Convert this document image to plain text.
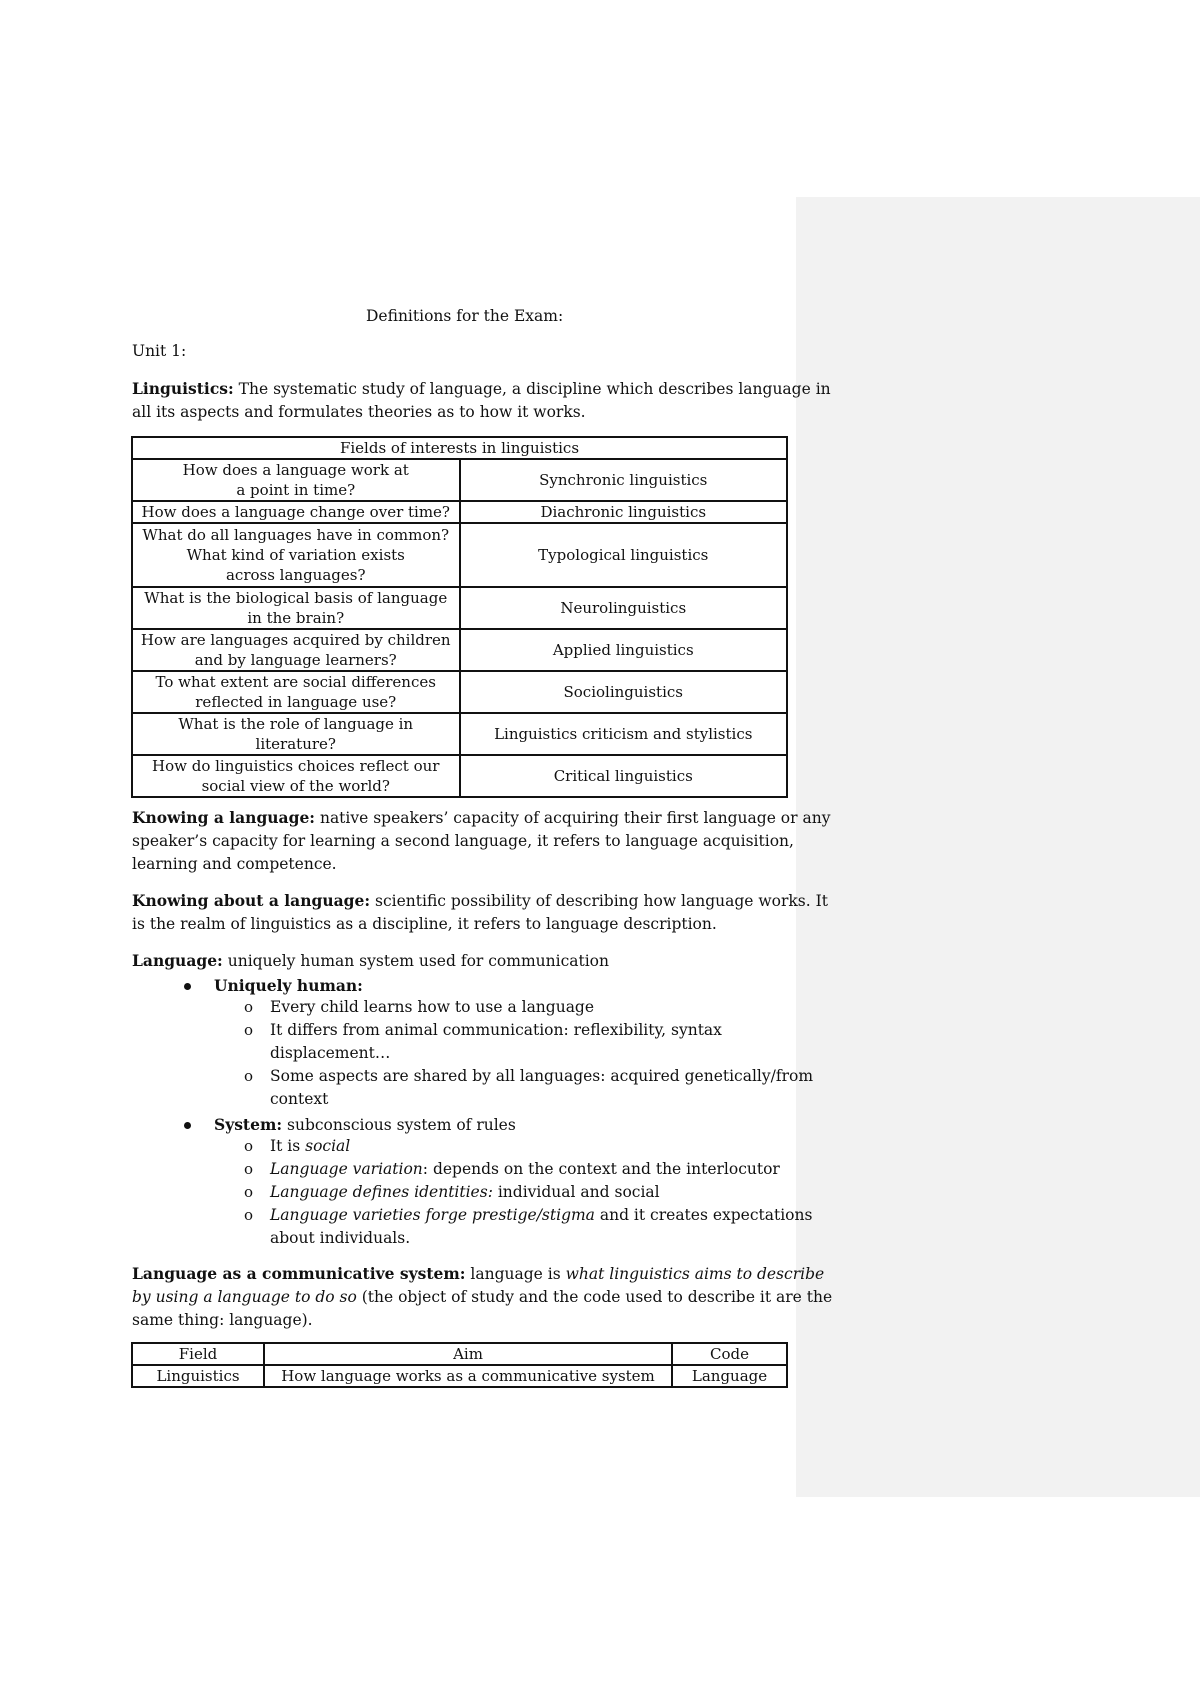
Definitions for the Exam:
Unit 1:
Linguistics: The systematic study of language, a discipline which describes language in
all its aspects and formulates theories as to how it works.
Fields of interests in linguistics	
How does a language work at
a point in time?	Synchronic linguistics
How does a language change over time?	Diachronic linguistics
What do all languages have in common?
What kind of variation exists
across languages?	Typological linguistics
What is the biological basis of language
in the brain?	Neurolinguistics
How are languages acquired by children
and by language learners?	Applied linguistics
To what extent are social differences
reflected in language use?	Sociolinguistics
What is the role of language in literature?	Linguistics criticism and stylistics
How do linguistics choices reflect our
social view of the world?	Critical linguistics
Knowing a language: native speakers’ capacity of acquiring their first language or any
speaker’s capacity for learning a second language, it refers to language acquisition,
learning and competence.
Knowing about a language: scientific possibility of describing how language works. It
is the realm of linguistics as a discipline, it refers to language description.
Language: uniquely human system used for communication
Uniquely human:
o Every child learns how to use a language
o It differs from animal communication: reflexibility, syntax
displacement…
o Some aspects are shared by all languages: acquired genetically/from
context
System: subconscious system of rules
o It is social
o Language variation: depends on the context and the interlocutor
o Language defines identities: individual and social
o Language varieties forge prestige/stigma and it creates expectations
about individuals.
Language as a communicative system: language is what linguistics aims to describe
by using a language to do so (the object of study and the code used to describe it are the
same thing: language).
Field	Aim	Code
Linguistics	How language works as a communicative system	Language
